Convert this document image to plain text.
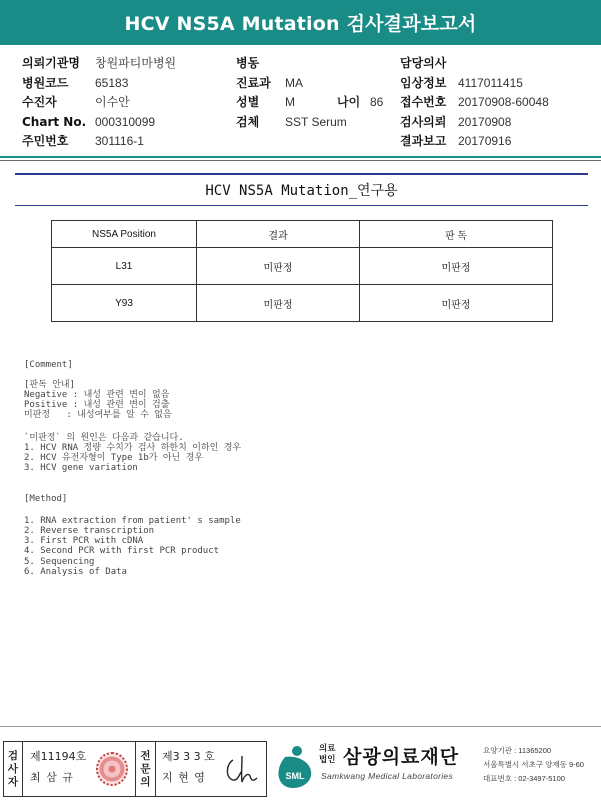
HCV NS5A Mutation 검사결과보고서
의뢰기관명	창원파티마병원
병원코드	65183
수진자	이수안
Chart No. 000310099
주민번호	301116-1
병동
진료과	MA
성별	M	나이 86
검체	SST Serum
담당의사
임상정보 4117011415
접수번호 20170908-60048
검사의뢰 20170908
결과보고 20170916
HCV NS5A Mutation_연구용
NS5A Position	결과	판 독
L31	미판정	미판정
Y93	미판정	미판정
[Comment]
[판독 안내]
Negative : 내성 관련 변이 없음
Positive : 내성 관련 변이 검출
미판정   : 내성여부를 알 수 없음
`미판정` 의 원인은 다음과 같습니다.
1. HCV RNA 정량 수치가 검사 하한치 이하인 경우
2. HCV 유전자형이 Type 1b가 아닌 경우
3. HCV gene variation
[Method]
1. RNA extraction from patient' s sample
2. Reverse transcription
3. First PCR with cDNA
4. Second PCR with first PCR product
5. Sequencing
6. Analysis of Data
검
사
자
제11194호
최 삼 규
전
문
의
제3 3 3 호
지 현 영	SML
의료
법인 삼광의료재단
Samkwang Medical Laboratories
요양기관 : 11365200
서울특별시 서초구 양재동 9-60
대표번호 : 02-3497-5100
